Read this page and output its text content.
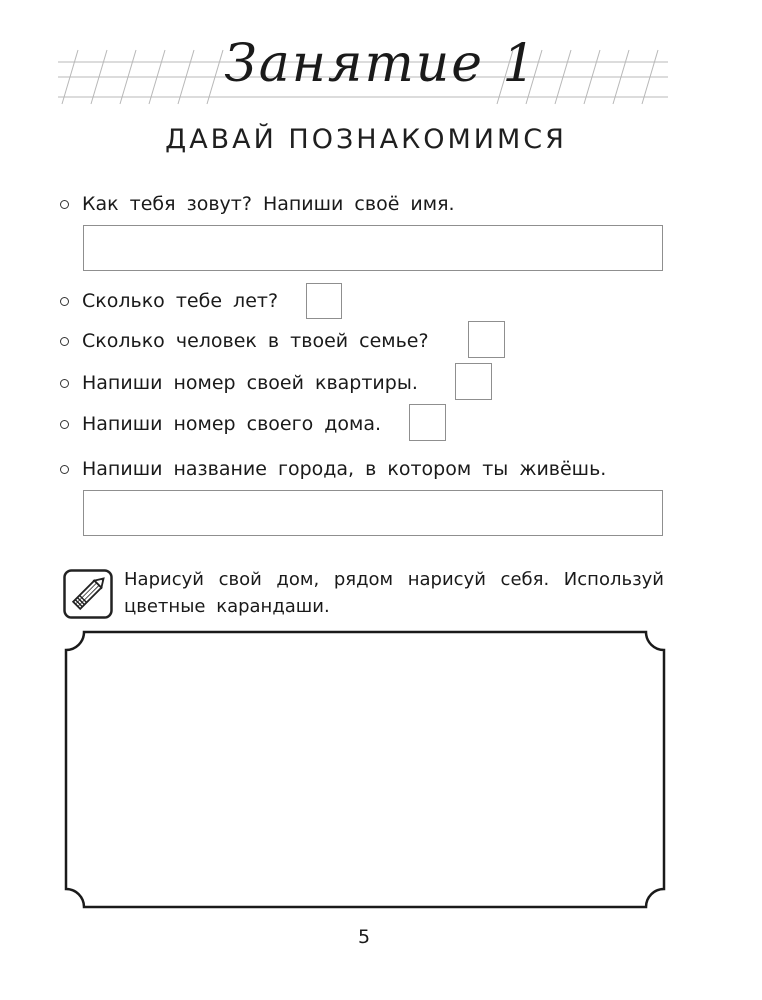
Занятие 1
ДАВАЙ ПОЗНАКОМИМСЯ
Как тебя зовут? Напиши своё имя.
Сколько тебе лет?
Сколько человек в твоей семье?
Напиши номер своей квартиры.
Напиши номер своего дома.
Напиши название города, в котором ты живёшь.
Нарисуй свой дом, рядом нарисуй себя. Используй цветные карандаши.
5
